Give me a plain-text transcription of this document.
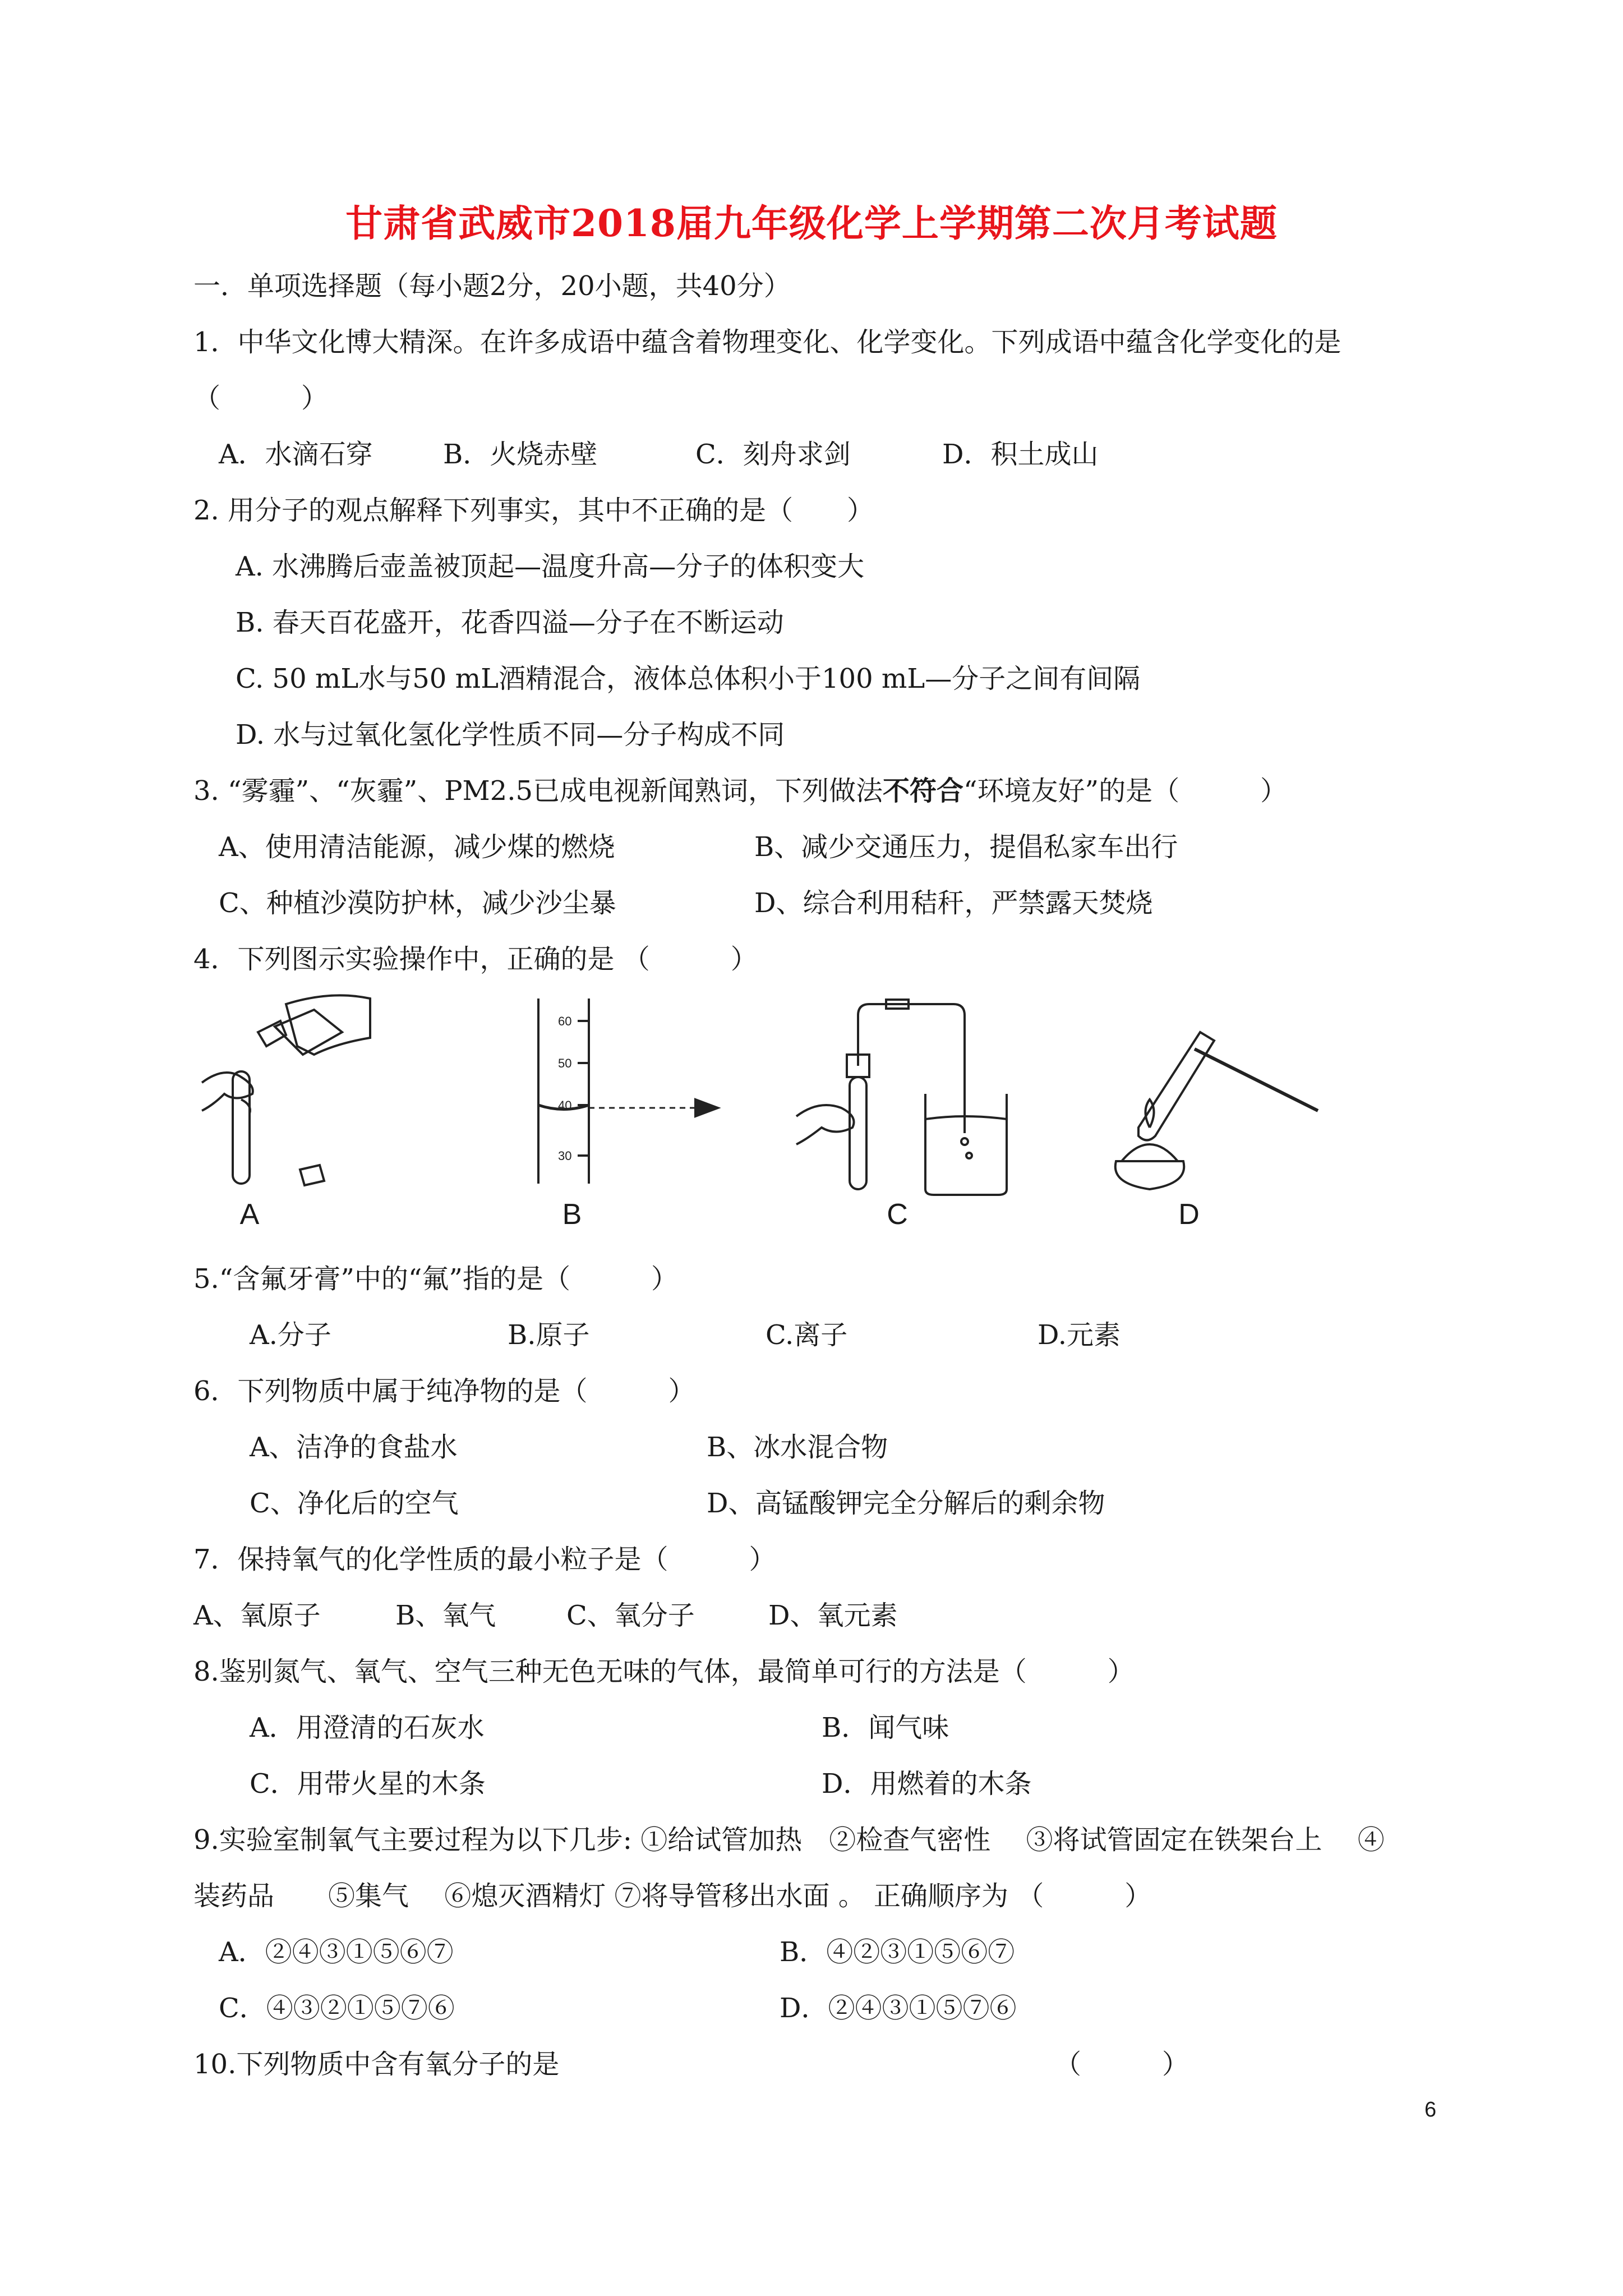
甘肃省武威市2018届九年级化学上学期第二次月考试题
一．单项选择题（每小题2分，20小题，共40分）
1．中华文化博大精深。在许多成语中蕴含着物理变化、化学变化。下列成语中蕴含化学变化的是
（　　　）
A．水滴石穿	B．火烧赤壁	C．刻舟求剑	D．积土成山
2. 用分子的观点解释下列事实，其中不正确的是（　　）
A. 水沸腾后壶盖被顶起—温度升高—分子的体积变大
B. 春天百花盛开，花香四溢—分子在不断运动
C. 50 mL水与50 mL酒精混合，液体总体积小于100 mL—分子之间有间隔
D. 水与过氧化氢化学性质不同—分子构成不同
3. “雾霾”、“灰霾”、PM2.5已成电视新闻熟词，下列做法不符合“环境友好”的是（　　　）
A、使用清洁能源，减少煤的燃烧	B、减少交通压力，提倡私家车出行
C、种植沙漠防护林，减少沙尘暴	D、综合利用秸秆，严禁露天焚烧
4．下列图示实验操作中，正确的是 （　　　）
A
60
50
40
30
B	C	D
5.“含氟牙膏”中的“氟”指的是（　　　）
A.分子	B.原子	C.离子	D.元素
6．下列物质中属于纯净物的是（　　　）
A、洁净的食盐水	B、冰水混合物
C、净化后的空气	D、高锰酸钾完全分解后的剩余物
7．保持氧气的化学性质的最小粒子是（　　　）
A、氧原子	B、氧气	C、氧分子	D、氧元素
8.鉴别氮气、氧气、空气三种无色无味的气体，最简单可行的方法是（　　　）
A．用澄清的石灰水	B．闻气味
C．用带火星的木条	D．用燃着的木条
9.实验室制氧气主要过程为以下几步: ①给试管加热　②检查气密性　 ③将试管固定在铁架台上　 ④
装药品　　⑤集气　 ⑥熄灭酒精灯 ⑦将导管移出水面 。 正确顺序为 （　　　）
A．②④③①⑤⑥⑦	B．④②③①⑤⑥⑦
C．④③②①⑤⑦⑥	D．②④③①⑤⑦⑥
10.下列物质中含有氧分子的是	（　　　）
6
